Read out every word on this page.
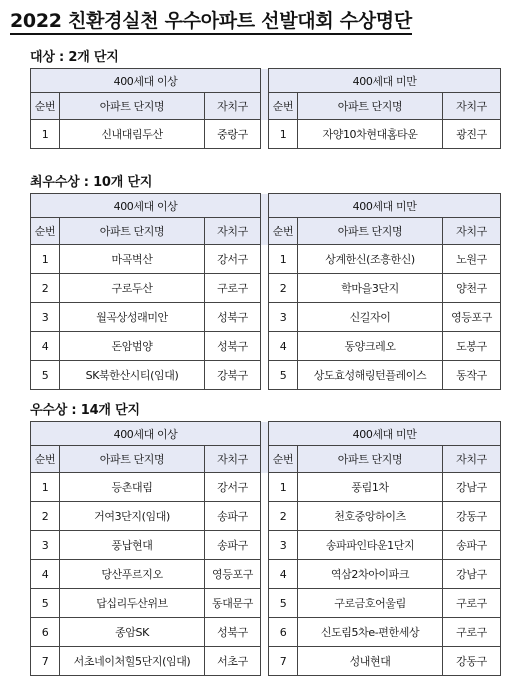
2022 친환경실천 우수아파트 선발대회 수상명단
대상 : 2개 단지
400세대 이상				400세대 미만		
순번	아파트 단지명	자치구		순번	아파트 단지명	자치구
1	신내대림두산	중랑구		1	자양10차현대홈타운	광진구
최우수상 : 10개 단지
400세대 이상				400세대 미만		
순번	아파트 단지명	자치구		순번	아파트 단지명	자치구
1	마곡벽산	강서구		1	상계한신(조흥한신)	노원구
2	구로두산	구로구		2	학마을3단지	양천구
3	월곡상성래미안	성북구		3	신길자이	영등포구
4	돈암범양	성북구		4	동양크레오	도봉구
5	SK북한산시티(임대)	강북구		5	상도효성해링턴플레이스	동작구
우수상 : 14개 단지
400세대 이상				400세대 미만		
순번	아파트 단지명	자치구		순번	아파트 단지명	자치구
1	등촌대림	강서구		1	풍림1차	강남구
2	거여3단지(임대)	송파구		2	천호중앙하이츠	강동구
3	풍납현대	송파구		3	송파파인타운1단지	송파구
4	당산푸르지오	영등포구		4	역삼2차아이파크	강남구
5	답십리두산위브	동대문구		5	구로금호어울림	구로구
6	종암SK	성북구		6	신도림5차e-편한세상	구로구
7	서초네이처힐5단지(임대)	서초구		7	성내현대	강동구
